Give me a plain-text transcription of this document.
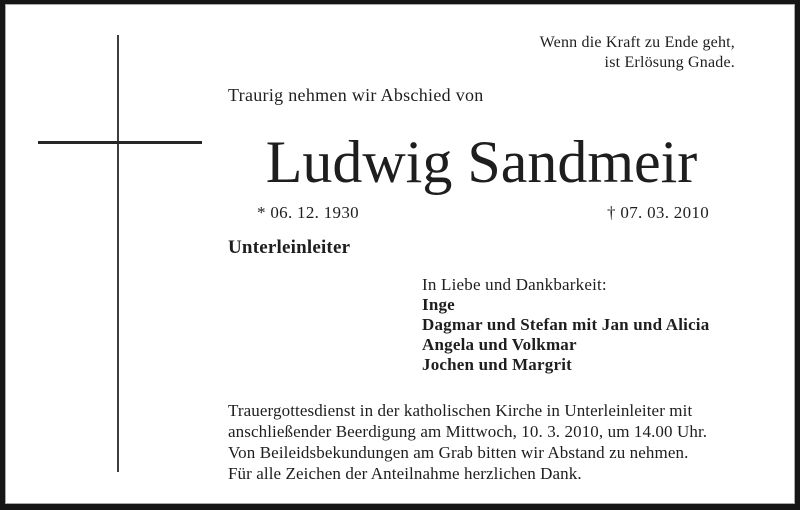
Wenn die Kraft zu Ende geht,
ist Erlösung Gnade.
Traurig nehmen wir Abschied von
Ludwig Sandmeir
* 06. 12. 1930	† 07. 03. 2010
Unterleinleiter
In Liebe und Dankbarkeit:
Inge
Dagmar und Stefan mit Jan und Alicia
Angela und Volkmar
Jochen und Margrit
Trauergottesdienst in der katholischen Kirche in Unterleinleiter mit
anschließender Beerdigung am Mittwoch, 10. 3. 2010, um 14.00 Uhr.
Von Beileidsbekundungen am Grab bitten wir Abstand zu nehmen.
Für alle Zeichen der Anteilnahme herzlichen Dank.
